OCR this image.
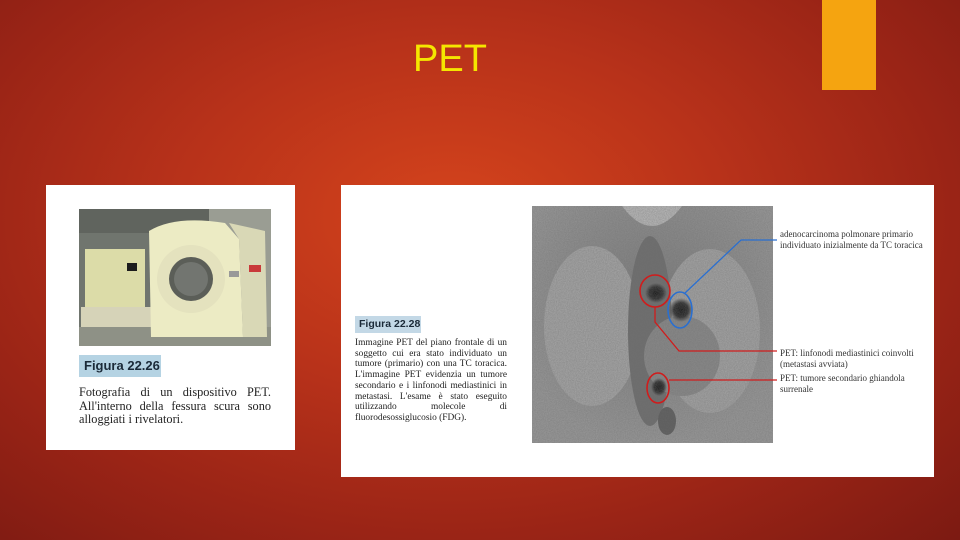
PET
Figura 22.26
Fotografia di un dispositivo PET. All'interno della fessura scura sono alloggiati i rivelatori.
Figura 22.28
Immagine PET del piano frontale di un soggetto cui era stato individuato un tumore (primario) con una TC toracica. L'immagine PET evidenzia un tumore secondario e i linfonodi mediastinici in metastasi. L'esame è stato eseguito utilizzando molecole di fluorodesossiglucosio (FDG).
adenocarcinoma polmonare primario individuato inizialmente da TC toracica
PET: linfonodi mediastinici coinvolti (metastasi avviata)
PET: tumore secondario ghiandola surrenale
